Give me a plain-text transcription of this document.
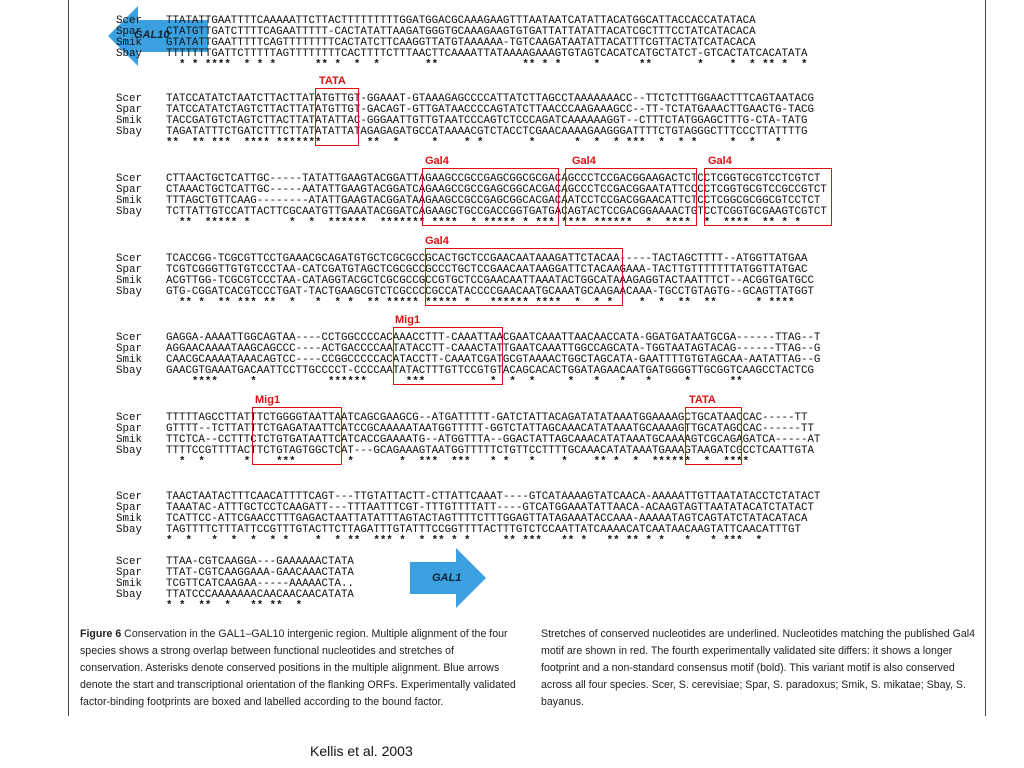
GAL10
Scer	TTATATTGAATTTTCAAAAATTCTTACTTTTTTTTTGGATGGACGCAAAGAAGTTTAATAATCATATTACATGGCATTACCACCATATACA
Spar	CTATGTTGATCTTTTCAGAATTTTT-CACTATATTAAGATGGGTGCAAAGAAGTGTGATTATTATATTACATCGCTTTCCTATCATACACA
Smik	GTATATTGAATTTTTCAGTTTTTTTTCACTATCTTCAAGGTTATGTAAAAAA-TGTCAAGATAATATTACATTTCGTTACTATCATACACA
Sbay	TTTTTTTGATTCTTTTTAGTTTTTTTTCACTTTTCTTTAACTTCAAAATTATAAAAGAAAGTGTAGTCACATCATGCTATCT-GTCACTATCACATATA
* * ****  * * *      ** *  *  *       **             ** * *     *      **       *    *  * ** *  *
Scer	TATCCATATCTAATCTTACTTATATGTTGT-GGAAAT-GTAAAGAGCCCCATTATCTTAGCCTAAAAAAACC--TTCTCTTTGGAACTTTCAGTAATACG
Spar	TATCCATATCTAGTCTTACTTATATGTTGT-GACAGT-GTTGATAACCCCAGTATCTTAACCCAAGAAAGCC--TT-TCTATGAAACTTGAACTG-TACG
Smik	TACCGATGTCTAGTCTTACTTATATATTAC-GGGAATTGTTGTAATCCCAGTCTCCCAGATCAAAAAAGGT--CTTTCTATGGAGCTTTG-CTA-TATG
Sbay	TAGATATTTCTGATCTTTCTTATATATTATAGAGAGATGCCATAAAACGTCTACCTCGAACAAAAGAAGGGATTTTCTGTAGGGCTTTCCCTTATTTTG
**  ** ***  **** *******       **  *     *    * *       *      *  *  * ***  *  * *     *  *   *
Scer	CTTAACTGCTCATTGC-----TATATTGAAGTACGGATTAGAAGCCGCCGAGCGGCGCGACAGCCCTCCGACGGAAGACTCTCCTCGGTGCGTCCTCGTCT
Spar	CTAAACTGCTCATTGC-----AATATTGAAGTACGGATCAGAAGCCGCCGAGCGGCACGACAGCCCTCCGACGGAATATTCCCCTCGGTGCGTCCGCCGTCT
Smik	TTTAGCTGTTCAAG--------ATATTGAAGTACGGATAAGAAGCCGCCGAGCGGCACGACAATCCTCCGACGGAACATTCTCCTCGGCGCGGCGTCCTCT
Sbay	TCTTATTGTCCATTACTTCGCAATGTTGAAATACGGATCAGAAGCTGCCGACCGGTGATGACAGTACTCCGACGGAAAACTGTCCTCGGTGCGAAGTCGTCT
**  ***** *      *  *  ******  ******* ****  * ***** * *** **** ******  *  ****  *  ****  ** * *
Scer	TCACCGG-TCGCGTTCCTGAAACGCAGATGTGCTCGCGCCGCACTGCTCCGAACAATAAAGATTCTACAA-----TACTAGCTTTT--ATGGTTATGAA
Spar	TCGTCGGGTTGTGTCCCTAA-CATCGATGTAGCTCGCGCCGCCCTGCTCCGAACAATAAGGATTCTACAAGAAA-TACTTGTTTTTTTATGGTTATGAC
Smik	ACGTTGG-TCGCGTCCCTAA-CATAGGTACGCTCGCGCCGCCGTGCTCCGAACAATTAAATACTGGCATAAAGAGGTACTAATTTCT--ACGGTGATGCC
Sbay	GTG-CGGATCACGTCCCTGAT-TACTGAAGCGTCTCGCCCCGCCATACCCCGAACAATGCAAATGCAAGAACAAA-TGCCTGTAGTG--GCAGTTATGGT
** *  ** *** **  *   *  * *  ** ***** ***** *   ****** ****  *  * *    *  *  **  **      * ****
Scer	GAGGA-AAAATTGGCAGTAA----CCTGGCCCCACAAACCTTT-CAAATTAACGAATCAAATTAACAACCATA-GGATGATAATGCGA------TTAG--T
Spar	AGGAACAAAATAAGCAGCCC----ACTGACCCCAATATACCTT-CAAACTATTGAATCAAATTGGCCAGCATA-TGGTAATAGTACAG------TTAG--G
Smik	CAACGCAAAATAAACAGTCC----CCGGCCCCCACATACCTT-CAAATCGATGCGTAAAACTGGCTAGCATA-GAATTTTGTGTAGCAA-AATATTAG--G
Sbay	GAACGTGAAATGACAATTCCTTGCCCCT-CCCCAATATACTTTGTTCCGTGTACAGCACACTGGATAGAACAATGATGGGGTTGCGGTCAAGCCTACTCG
****     *           ******      ***          *  *  *     *   *   *   *     *      **
Scer	TTTTTAGCCTTATTTCTGGGGTAATTAATCAGCGAAGCG--ATGATTTTT-GATCTATTACAGATATATAAATGGAAAAGCTGCATAACCAC-----TT
Spar	GTTTT--TCTTATTTCTGAGATAATTCATCCGCAAAAATAATGGTTTTT-GGTCTATTAGCAAACATATAAATGCAAAAGTTGCATAGCCAC------TT
Smik	TTCTCA--CCTTTCTCTGTGATAATTCATCACCGAAAATG--ATGGTTTA--GGACTATTAGCAAACATATAAATGCAAAAGTCGCAGAGATCA-----AT
Sbay	TTTTCCGTTTTACTTCTGTAGTGGCTCAT---GCAGAAAGTAATGGTTTTTCTGTTCCTTTTGCAAACATATAAATGAAAGTAAGATCGCCTCAATTGTA
*  *      *    ***        *       *  ***  ***   * *   *    *    ** *  *  ******  *  ****
Scer	TAACTAATACTTTCAACATTTTCAGT---TTGTATTACTT-CTTATTCAAAT----GTCATAAAAGTATCAACA-AAAAATTGTTAATATACCTCTATACT
Spar	TAAATAC-ATTTGCTCCTCAAGATT---TTTAATTTCGT-TTTGTTTTATT----GTCATGGAAATATTAACA-ACAAGTAGTTAATATACATCTATACT
Smik	TCATTCC-ATTCGAACCTTTGAGACTAATTATATTTAGTACTAGTTTTCTTTGGAGTTATAGAAATACCAAA-AAAAATAGTCAGTATCTATACATACA
Sbay	TAGTTTTCTTTATTCCGTTTGTACTTCTTAGATTTGTATTTCCGGTTTTACTTTGTCTCCAATTATCAAAACATCAATAACAAGTATTCAACATTTGT
*  *   *  *  *  * *    *  * **  *** *  * ** * *     ** ***   ** *   ** ** * *   *   * ***  *
Scer	TTAA-CGTCAAGGA---GAAAAAACTATA
Spar	TTAT-CGTCAAGGAAA-GAACAAACTATA
Smik	TCGTTCATCAAGAA-----AAAAACTA..
Sbay	TTATCCCAAAAAAACAACAACAACATATA
* *  **  *   ** **  *
TATA
Gal4	Gal4	Gal4
Gal4
Mig1
Mig1	TATA
GAL1
Figure 6 Conservation in the GAL1–GAL10 intergenic region. Multiple alignment of the four species shows a strong overlap between functional nucleotides and stretches of conservation. Asterisks denote conserved positions in the multiple alignment. Blue arrows denote the start and transcriptional orientation of the flanking ORFs. Experimentally validated factor-binding footprints are boxed and labelled according to the bound factor.
Stretches of conserved nucleotides are underlined. Nucleotides matching the published Gal4 motif are shown in red. The fourth experimentally validated site differs: it shows a longer footprint and a non-standard consensus motif (bold). This variant motif is also conserved across all four species. Scer, S. cerevisiae; Spar, S. paradoxus; Smik, S. mikatae; Sbay, S. bayanus.
Kellis et al. 2003
